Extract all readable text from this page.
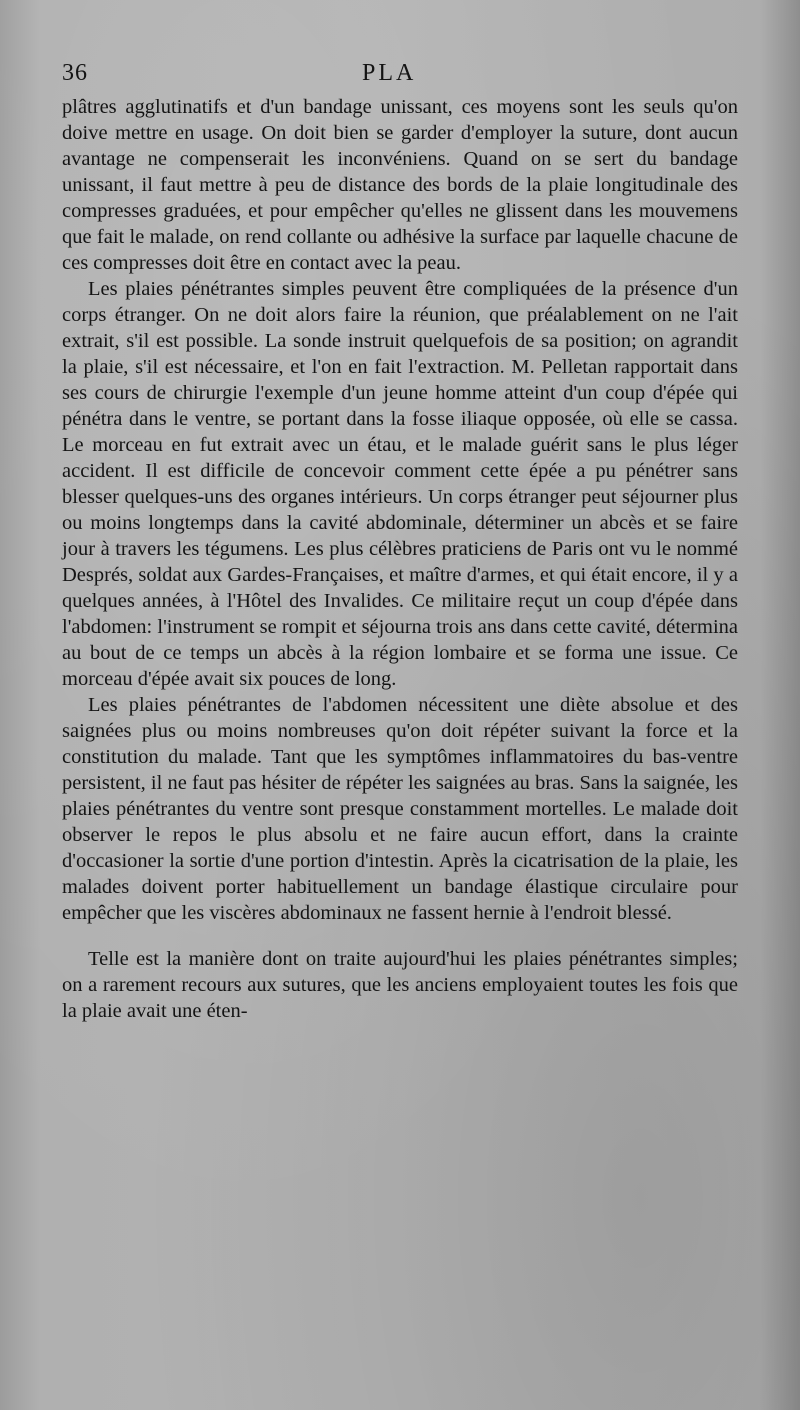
36	PLA

plâtres agglutinatifs et d'un bandage unissant, ces moyens sont les seuls qu'on doive mettre en usage. On doit bien se garder d'employer la suture, dont aucun avantage ne compenserait les inconvéniens. Quand on se sert du bandage unissant, il faut mettre à peu de distance des bords de la plaie longitudinale des compresses graduées, et pour empêcher qu'elles ne glissent dans les mouvemens que fait le malade, on rend collante ou adhésive la surface par laquelle chacune de ces compresses doit être en contact avec la peau.

Les plaies pénétrantes simples peuvent être compliquées de la présence d'un corps étranger. On ne doit alors faire la réunion, que préalablement on ne l'ait extrait, s'il est possible. La sonde instruit quelquefois de sa position; on agrandit la plaie, s'il est nécessaire, et l'on en fait l'extraction. M. Pelletan rapportait dans ses cours de chirurgie l'exemple d'un jeune homme atteint d'un coup d'épée qui pénétra dans le ventre, se portant dans la fosse iliaque opposée, où elle se cassa. Le morceau en fut extrait avec un étau, et le malade guérit sans le plus léger accident. Il est difficile de concevoir comment cette épée a pu pénétrer sans blesser quelques-uns des organes intérieurs. Un corps étranger peut séjourner plus ou moins longtemps dans la cavité abdominale, déterminer un abcès et se faire jour à travers les tégumens. Les plus célèbres praticiens de Paris ont vu le nommé Després, soldat aux Gardes-Françaises, et maître d'armes, et qui était encore, il y a quelques années, à l'Hôtel des Invalides. Ce militaire reçut un coup d'épée dans l'abdomen: l'instrument se rompit et séjourna trois ans dans cette cavité, détermina au bout de ce temps un abcès à la région lombaire et se forma une issue. Ce morceau d'épée avait six pouces de long.

Les plaies pénétrantes de l'abdomen nécessitent une diète absolue et des saignées plus ou moins nombreuses qu'on doit répéter suivant la force et la constitution du malade. Tant que les symptômes inflammatoires du bas-ventre persistent, il ne faut pas hésiter de répéter les saignées au bras. Sans la saignée, les plaies pénétrantes du ventre sont presque constamment mortelles. Le malade doit observer le repos le plus absolu et ne faire aucun effort, dans la crainte d'occasioner la sortie d'une portion d'intestin. Après la cicatrisation de la plaie, les malades doivent porter habituellement un bandage élastique circulaire pour empêcher que les viscères abdominaux ne fassent hernie à l'endroit blessé.

Telle est la manière dont on traite aujourd'hui les plaies pénétrantes simples; on a rarement recours aux sutures, que les anciens employaient toutes les fois que la plaie avait une éten-
